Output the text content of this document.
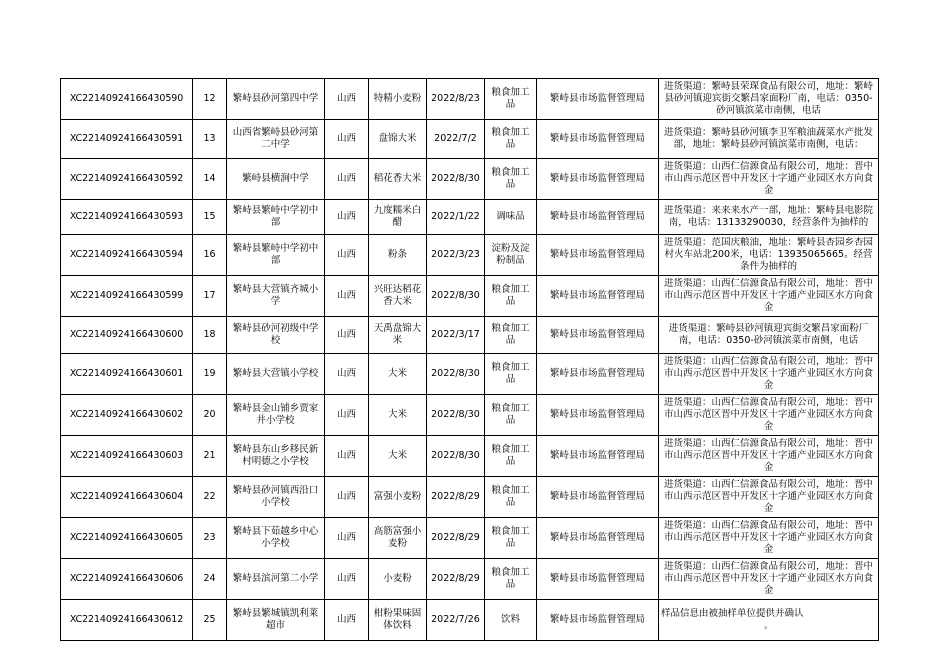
XC22140924166430590	12	繁峙县砂河第四中学	山西	特精小麦粉	2022/8/23	粮食加工品	繁峙县市场监督管理局	进货渠道：繁峙县荣琛食品有限公司，地址：繁峙县砂河镇迎宾街交繁昌家面粉厂南，电话：0350-砂河镇滨菜市南侧，电话

XC22140924166430591	13	山西省繁峙县砂河第二中学	山西	盘锦大米	2022/7/2	粮食加工品	繁峙县市场监督管理局	进货渠道：繁峙县砂河镇李卫军粮油蔬菜水产批发部，地址：繁峙县砂河镇滨菜市南侧，电话：

XC22140924166430592	14	繁峙县横涧中学	山西	稻花香大米	2022/8/30	粮食加工品	繁峙县市场监督管理局	进货渠道：山西仁信源食品有限公司，地址：晋中市山西示范区晋中开发区十字通产业园区水方向食金

XC22140924166430593	15	繁峙县繁峙中学初中部	山西	九度糯米白醋	2022/1/22	调味品	繁峙县市场监督管理局	进货渠道：来来来水产一部，地址：繁峙县电影院南，电话：13133290030，经营条件为抽样的

XC22140924166430594	16	繁峙县繁峙中学初中部	山西	粉条	2022/3/23	淀粉及淀粉制品	繁峙县市场监督管理局	进货渠道：范国庆粮油，地址：繁峙县杏园乡杏园村火车站北200米，电话：13935065665。经营条件为抽样的

XC22140924166430599	17	繁峙县大营镇齐城小学	山西	兴旺达稻花香大米	2022/8/30	粮食加工品	繁峙县市场监督管理局	进货渠道：山西仁信源食品有限公司，地址：晋中市山西示范区晋中开发区十字通产业园区水方向食金

XC22140924166430600	18	繁峙县砂河初级中学校	山西	天禹盘锦大米	2022/3/17	粮食加工品	繁峙县市场监督管理局	进货渠道：繁峙县砂河镇迎宾街交繁昌家面粉厂南，电话：0350-砂河镇滨菜市南侧，电话

XC22140924166430601	19	繁峙县大营镇小学校	山西	大米	2022/8/30	粮食加工品	繁峙县市场监督管理局	进货渠道：山西仁信源食品有限公司，地址：晋中市山西示范区晋中开发区十字通产业园区水方向食金

XC22140924166430602	20	繁峙县金山铺乡贾家井小学校	山西	大米	2022/8/30	粮食加工品	繁峙县市场监督管理局	进货渠道：山西仁信源食品有限公司，地址：晋中市山西示范区晋中开发区十字通产业园区水方向食金

XC22140924166430603	21	繁峙县东山乡移民新村明德之小学校	山西	大米	2022/8/30	粮食加工品	繁峙县市场监督管理局	进货渠道：山西仁信源食品有限公司，地址：晋中市山西示范区晋中开发区十字通产业园区水方向食金

XC22140924166430604	22	繁峙县砂河镇西沿口小学校	山西	富强小麦粉	2022/8/29	粮食加工品	繁峙县市场监督管理局	进货渠道：山西仁信源食品有限公司，地址：晋中市山西示范区晋中开发区十字通产业园区水方向食金

XC22140924166430605	23	繁峙县下茹越乡中心小学校	山西	高筋富强小麦粉	2022/8/29	粮食加工品	繁峙县市场监督管理局	进货渠道：山西仁信源食品有限公司，地址：晋中市山西示范区晋中开发区十字通产业园区水方向食金

XC22140924166430606	24	繁峙县滨河第二小学	山西	小麦粉	2022/8/29	粮食加工品	繁峙县市场监督管理局	进货渠道：山西仁信源食品有限公司，地址：晋中市山西示范区晋中开发区十字通产业园区水方向食金

XC22140924166430612	25	繁峙县繁城镇凯利莱超市	山西	柑粉果味固体饮料	2022/7/26	饮料	繁峙县市场监督管理局	样品信息由被抽样单位提供并确认
。
